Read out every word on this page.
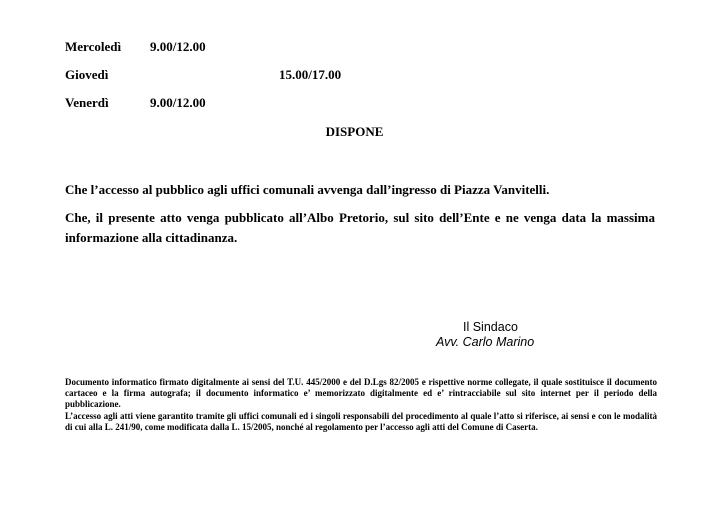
Mercoledì 9.00/12.00
Giovedì	15.00/17.00
Venerdì	9.00/12.00
DISPONE
Che l’accesso al pubblico agli uffici comunali avvenga dall’ingresso di Piazza Vanvitelli.
Che, il presente atto venga pubblicato all’Albo Pretorio, sul sito dell’Ente e ne venga data la massima informazione alla cittadinanza.
Il Sindaco
Avv. Carlo Marino

Documento informatico firmato digitalmente ai sensi del T.U. 445/2000 e del D.Lgs 82/2005 e rispettive norme collegate, il quale sostituisce il documento cartaceo e la firma autografa; il documento informatico e’ memorizzato digitalmente ed e’ rintracciabile sul sito internet per il periodo della pubblicazione.

L’accesso agli atti viene garantito tramite gli uffici comunali ed i singoli responsabili del procedimento al quale l’atto si riferisce, ai sensi e con le modalità di cui alla L. 241/90, come modificata dalla L. 15/2005, nonché al regolamento per l’accesso agli atti del Comune di Caserta.
